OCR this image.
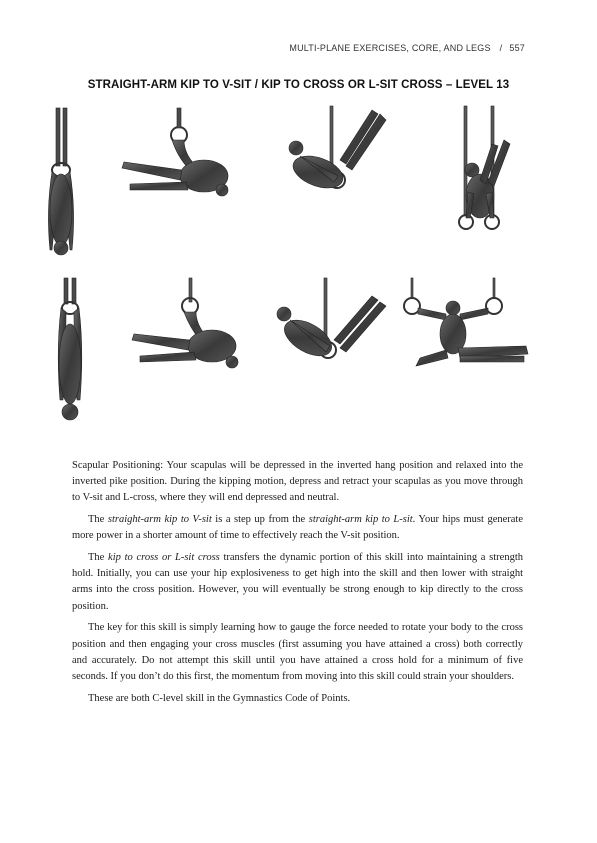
MULTI-PLANE EXERCISES, CORE, AND LEGS / 557
STRAIGHT-ARM KIP TO V-SIT / KIP TO CROSS OR L-SIT CROSS – LEVEL 13

Scapular Positioning: Your scapulas will be depressed in the inverted hang position and relaxed into the inverted pike position. During the kipping motion, depress and retract your scapulas as you move through to V-sit and L-cross, where they will end depressed and neutral.

The straight-arm kip to V-sit is a step up from the straight-arm kip to L-sit. Your hips must generate more power in a shorter amount of time to effectively reach the V-sit position.

The kip to cross or L-sit cross transfers the dynamic portion of this skill into maintaining a strength hold. Initially, you can use your hip explosiveness to get high into the skill and then lower with straight arms into the cross position. However, you will eventually be strong enough to kip directly to the cross position.

The key for this skill is simply learning how to gauge the force needed to rotate your body to the cross position and then engaging your cross muscles (first assuming you have attained a cross) both correctly and accurately. Do not attempt this skill until you have attained a cross hold for a minimum of five seconds. If you don’t do this first, the momentum from moving into this skill could strain your shoulders.

These are both C-level skill in the Gymnastics Code of Points.
